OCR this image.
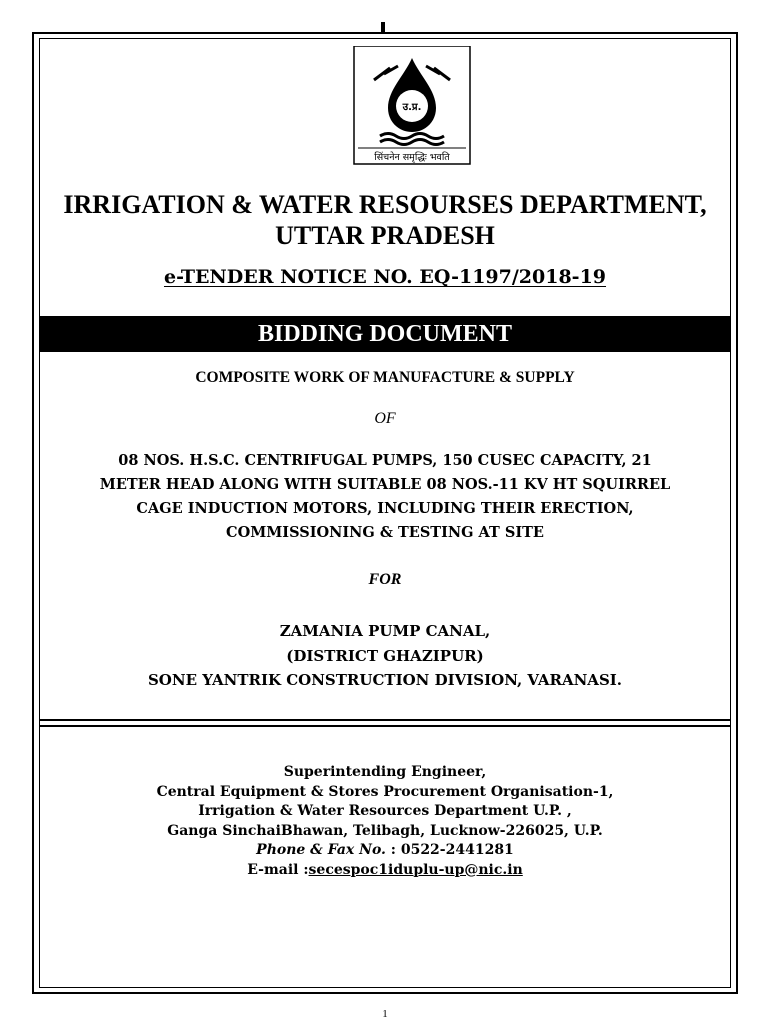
उ.प्र.
सिंचनेन समृद्धिः भवति
IRRIGATION & WATER RESOURSES DEPARTMENT,
UTTAR PRADESH
e-TENDER NOTICE NO. EQ-1197/2018-19
BIDDING DOCUMENT
COMPOSITE WORK OF MANUFACTURE & SUPPLY
OF
08 NOS. H.S.C. CENTRIFUGAL PUMPS, 150 CUSEC CAPACITY, 21
METER HEAD ALONG WITH SUITABLE 08 NOS.-11 KV HT SQUIRREL
CAGE INDUCTION MOTORS, INCLUDING THEIR ERECTION,
COMMISSIONING & TESTING AT SITE
FOR
ZAMANIA PUMP CANAL,
(DISTRICT GHAZIPUR)
SONE YANTRIK CONSTRUCTION DIVISION, VARANASI.
Superintending Engineer,
Central Equipment & Stores Procurement Organisation-1,
Irrigation & Water Resources Department U.P. ,
Ganga SinchaiBhawan, Telibagh, Lucknow-226025, U.P.
Phone & Fax No. : 0522-2441281
E-mail :secespoc1iduplu-up@nic.in
1
